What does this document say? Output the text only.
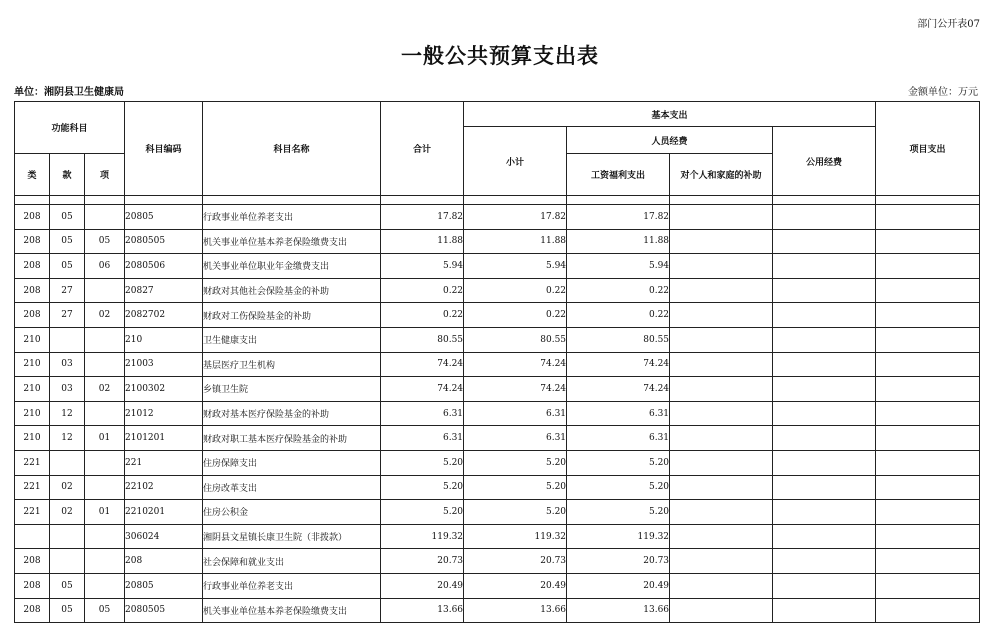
部门公开表07
一般公共预算支出表
单位：湘阴县卫生健康局	金额单位：万元
功能科目			科目编码	科目名称	合计	基本支出				项目支出
						小计	人员经费		公用经费	
类	款	项					工资福利支出	对个人和家庭的补助		

208	05		20805	行政事业单位养老支出	17.82	17.82	17.82			
208	05	05	2080505	机关事业单位基本养老保险缴费支出	11.88	11.88	11.88			
208	05	06	2080506	机关事业单位职业年金缴费支出	5.94	5.94	5.94			
208	27		20827	财政对其他社会保险基金的补助	0.22	0.22	0.22			
208	27	02	2082702	财政对工伤保险基金的补助	0.22	0.22	0.22			
210			210	卫生健康支出	80.55	80.55	80.55			
210	03		21003	基层医疗卫生机构	74.24	74.24	74.24			
210	03	02	2100302	乡镇卫生院	74.24	74.24	74.24			
210	12		21012	财政对基本医疗保险基金的补助	6.31	6.31	6.31			
210	12	01	2101201	财政对职工基本医疗保险基金的补助	6.31	6.31	6.31			
221			221	住房保障支出	5.20	5.20	5.20			
221	02		22102	住房改革支出	5.20	5.20	5.20			
221	02	01	2210201	住房公积金	5.20	5.20	5.20			
			306024	湘阴县文星镇长康卫生院（非拨款）	119.32	119.32	119.32			
208			208	社会保障和就业支出	20.73	20.73	20.73			
208	05		20805	行政事业单位养老支出	20.49	20.49	20.49			
208	05	05	2080505	机关事业单位基本养老保险缴费支出	13.66	13.66	13.66			
